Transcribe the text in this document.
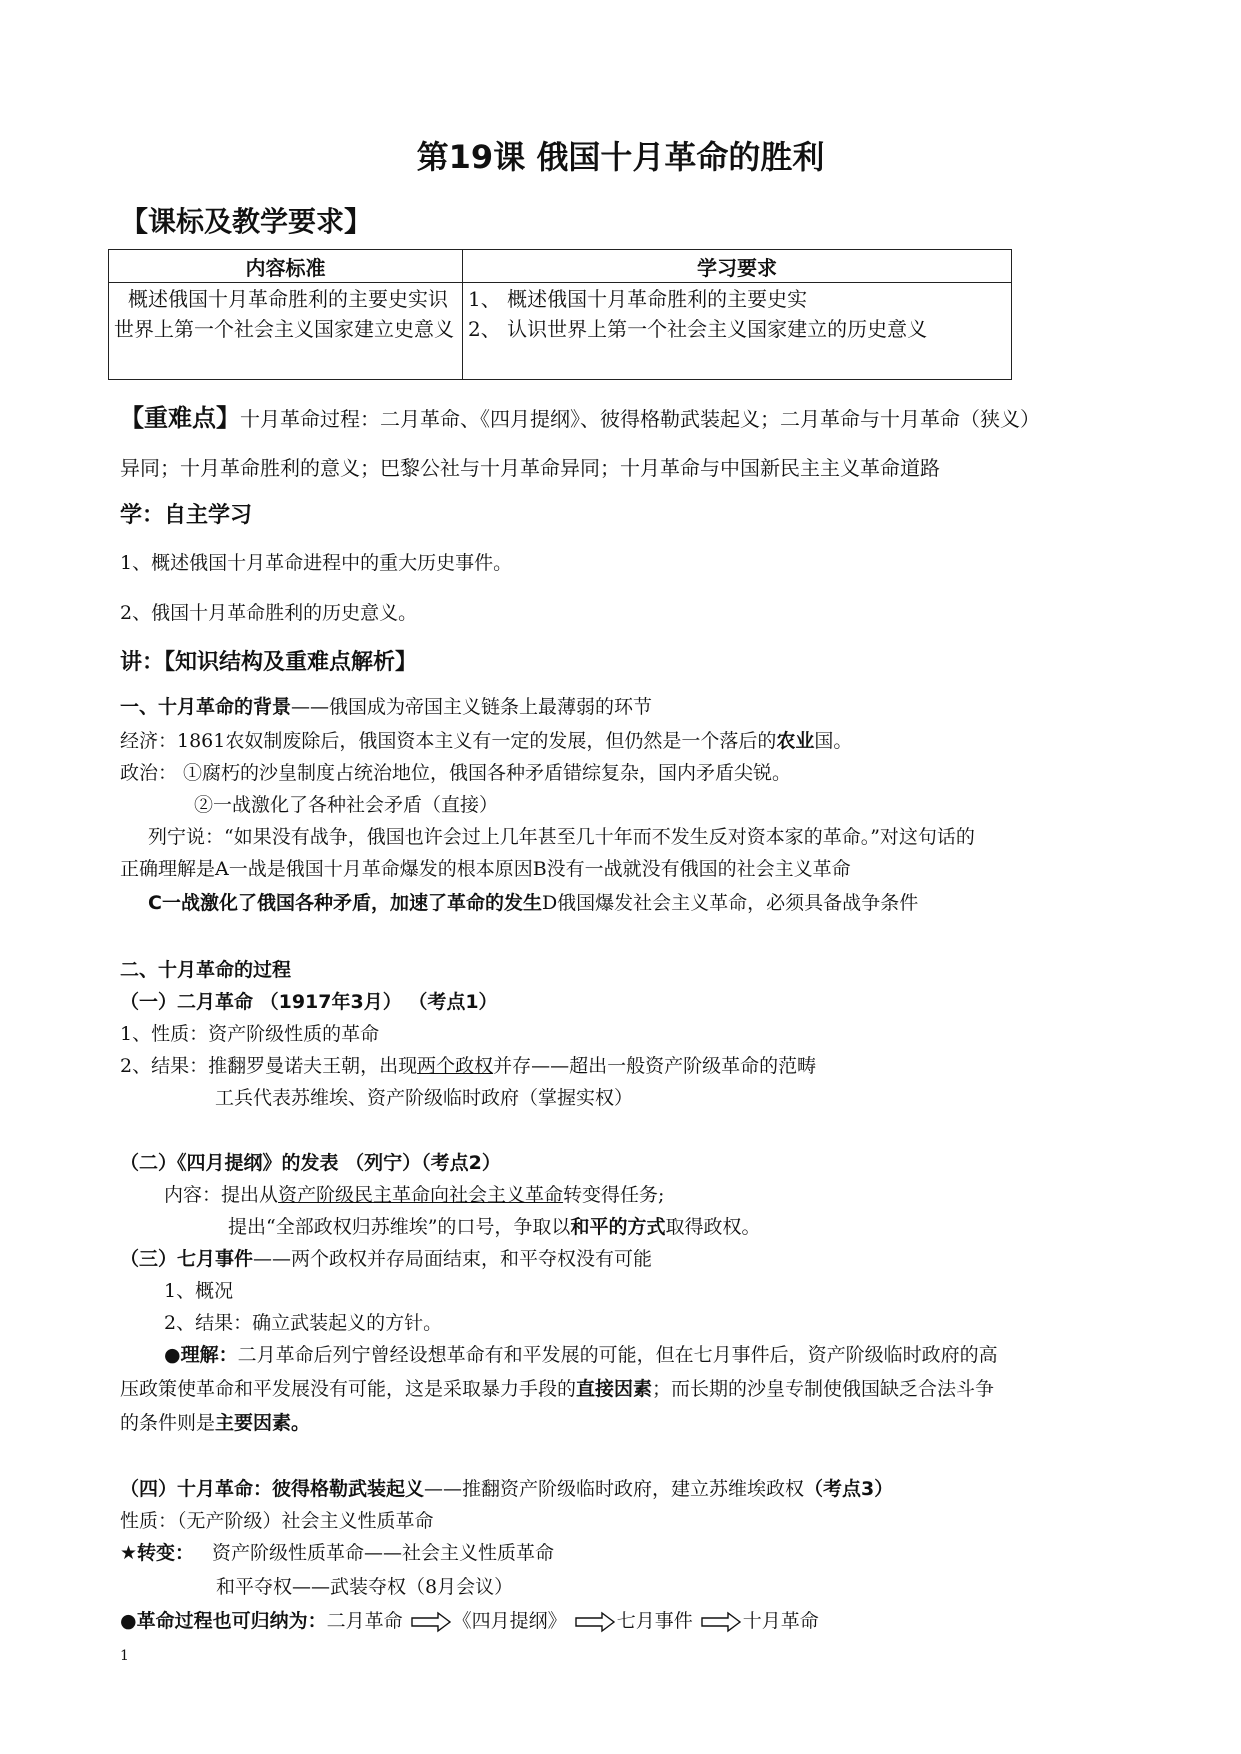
第19课 俄国十月革命的胜利
【课标及教学要求】
内容标准	学习要求
概述俄国十月革命胜利的主要史实识世界上第一个社会主义国家建立史意义	1、 概述俄国十月革命胜利的主要史实
2、 认识世界上第一个社会主义国家建立的历史意义
【重难点】十月革命过程：二月革命、《四月提纲》、彼得格勒武装起义；二月革命与十月革命（狭义）
异同；十月革命胜利的意义；巴黎公社与十月革命异同；十月革命与中国新民主主义革命道路
学：自主学习
1、概述俄国十月革命进程中的重大历史事件。
2、俄国十月革命胜利的历史意义。
讲：【知识结构及重难点解析】
一、十月革命的背景——俄国成为帝国主义链条上最薄弱的环节
经济：1861农奴制废除后，俄国资本主义有一定的发展，但仍然是一个落后的农业国。
政治： ①腐朽的沙皇制度占统治地位，俄国各种矛盾错综复杂，国内矛盾尖锐。
②一战激化了各种社会矛盾（直接）
列宁说：“如果没有战争，俄国也许会过上几年甚至几十年而不发生反对资本家的革命。”对这句话的
正确理解是A一战是俄国十月革命爆发的根本原因B没有一战就没有俄国的社会主义革命
C一战激化了俄国各种矛盾，加速了革命的发生D俄国爆发社会主义革命，必须具备战争条件
二、十月革命的过程
（一）二月革命 （1917年3月） （考点1）
1、性质：资产阶级性质的革命
2、结果：推翻罗曼诺夫王朝，出现两个政权并存——超出一般资产阶级革命的范畴
工兵代表苏维埃、资产阶级临时政府（掌握实权）
（二）《四月提纲》的发表 （列宁）（考点2）
内容：提出从资产阶级民主革命向社会主义革命转变得任务;
提出“全部政权归苏维埃”的口号，争取以和平的方式取得政权。
（三）七月事件——两个政权并存局面结束，和平夺权没有可能
1、概况
2、结果：确立武装起义的方针。
●理解：二月革命后列宁曾经设想革命有和平发展的可能，但在七月事件后，资产阶级临时政府的高
压政策使革命和平发展没有可能，这是采取暴力手段的直接因素；而长期的沙皇专制使俄国缺乏合法斗争
的条件则是主要因素。
（四）十月革命：彼得格勒武装起义——推翻资产阶级临时政府，建立苏维埃政权（考点3）
性质：（无产阶级）社会主义性质革命
★转变： 资产阶级性质革命——社会主义性质革命
和平夺权——武装夺权（8月会议）
●革命过程也可归纳为：二月革命	《四月提纲》	七月事件	十月革命
1
